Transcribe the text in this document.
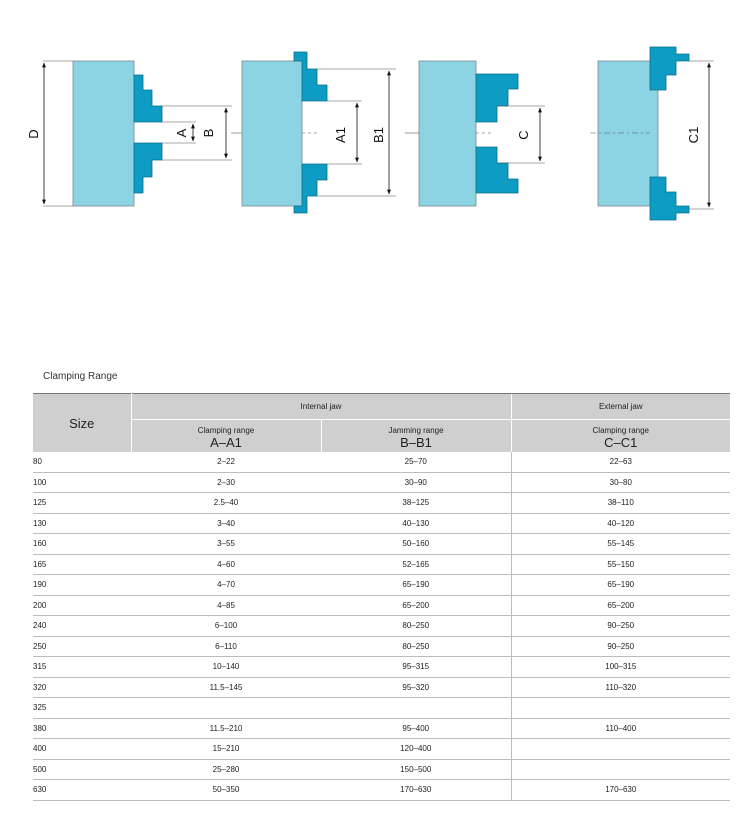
D	A B	A1 B1	C	C1
Clamping Range
Size	Internal jaw		External jaw
	Clamping range	Jamming range	Clamping range
	A–A1	B–B1	C–C1
80	2–22	25–70	22–63
100	2–30	30–90	30–80
125	2.5–40	38–125	38–110
130	3–40	40–130	40–120
160	3–55	50–160	55–145
165	4–60	52–165	55–150
190	4–70	65–190	65–190
200	4–85	65–200	65–200
240	6–100	80–250	90–250
250	6–110	80–250	90–250
315	10–140	95–315	100–315
320	11.5–145	95–320	110–320
325			
380	11.5–210	95–400	110–400
400	15–210	120–400	
500	25–280	150–500	
630	50–350	170–630	170–630
